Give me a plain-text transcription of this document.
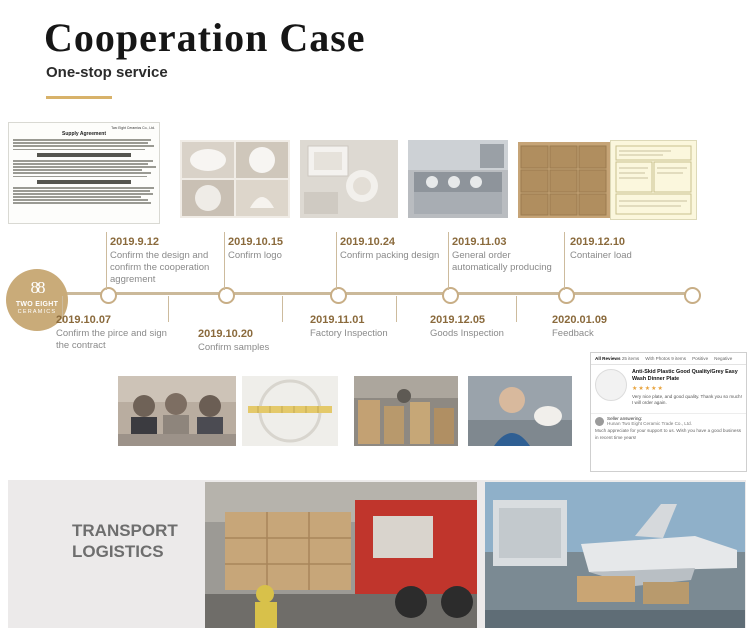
Cooperation Case
One-stop service
Two Eight Ceramics Co., Ltd.
Supply Agreement
88
TWO EIGHT
CERAMICS
2019.9.12
Confirm the design and confirm the cooperation aggrement
2019.10.15
Confirm logo
2019.10.24
Confirm packing design
2019.11.03
General order automatically producing
2019.12.10
Container load
2019.10.07
Confirm the pirce and sign the contract
2019.10.20
Confirm samples
2019.11.01
Factory Inspection
2019.12.05
Goods Inspection
2020.01.09
Feedback
All Reviews 25 items With Photos 9 items Positive Negative
Anti-Skid Plastic Good Quality/Grey Easy Wash Dinner Plate
★★★★★
Very nice plate, and good quality. Thank you so much! I will order again.
Seller answering:
Hunan Two Eight Ceramic Trade Co., Ltd.
Much appreciate for your support to us. Wish you have a good business in recent time years!
TRANSPORT
LOGISTICS
